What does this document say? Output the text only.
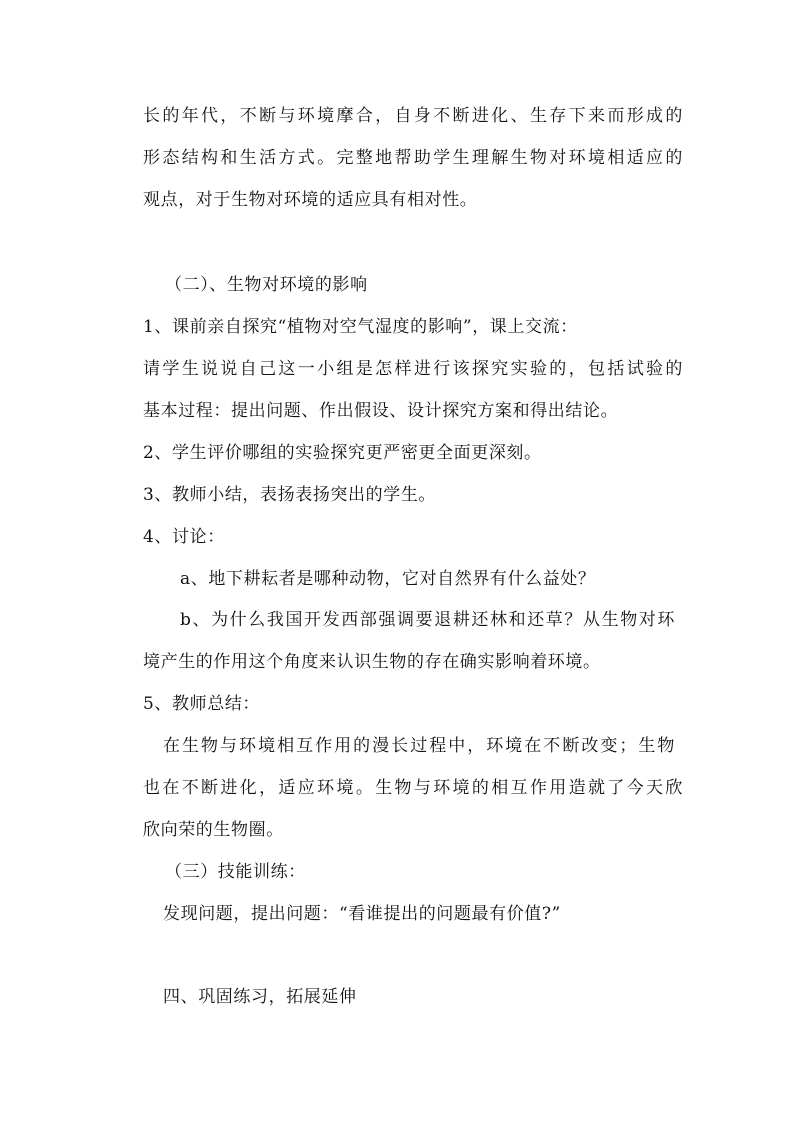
长的年代，不断与环境摩合，自身不断进化、生存下来而形成的
形态结构和生活方式。完整地帮助学生理解生物对环境相适应的
观点，对于生物对环境的适应具有相对性。
（二）、生物对环境的影响
1、课前亲自探究“植物对空气湿度的影响”，课上交流：
请学生说说自己这一小组是怎样进行该探究实验的，包括试验的
基本过程：提出问题、作出假设、设计探究方案和得出结论。
2、学生评价哪组的实验探究更严密更全面更深刻。
3、教师小结，表扬表扬突出的学生。
4、讨论：
a、地下耕耘者是哪种动物，它对自然界有什么益处？
b、为什么我国开发西部强调要退耕还林和还草？从生物对环
境产生的作用这个角度来认识生物的存在确实影响着环境。
5、教师总结：
在生物与环境相互作用的漫长过程中，环境在不断改变；生物
也在不断进化，适应环境。生物与环境的相互作用造就了今天欣
欣向荣的生物圈。
（三）技能训练：
发现问题，提出问题：“看谁提出的问题最有价值?”
四、巩固练习，拓展延伸
